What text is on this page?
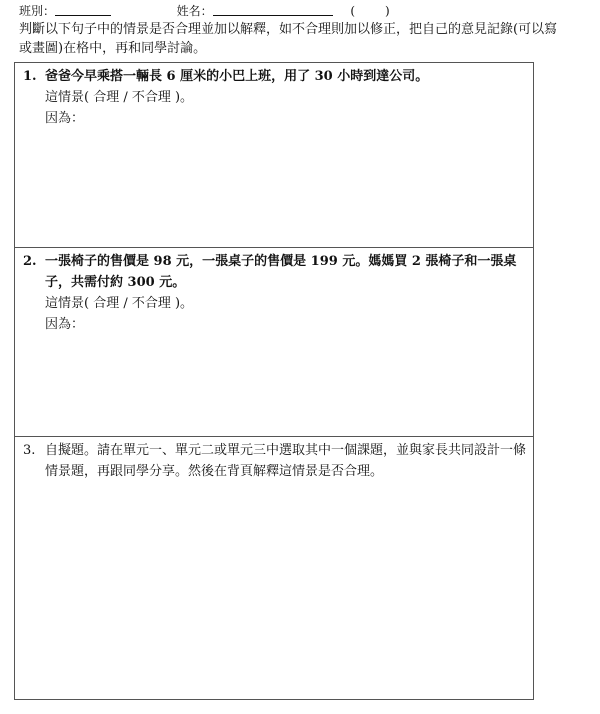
班別：	姓名：	(	)
判斷以下句子中的情景是否合理並加以解釋，如不合理則加以修正，把自己的意見記錄(可以寫或畫圖)在格中，再和同學討論。
1. 爸爸今早乘搭一輛長 6 厘米的小巴上班，用了 30 小時到達公司。
這情景( 合理 / 不合理 )。
因為：
2. 一張椅子的售價是 98 元，一張桌子的售價是 199 元。媽媽買 2 張椅子和一張桌子，共需付約 300 元。
這情景( 合理 / 不合理 )。
因為：
3. 自擬題。請在單元一、單元二或單元三中選取其中一個課題，並與家長共同設計一條情景題，再跟同學分享。然後在背頁解釋這情景是否合理。
